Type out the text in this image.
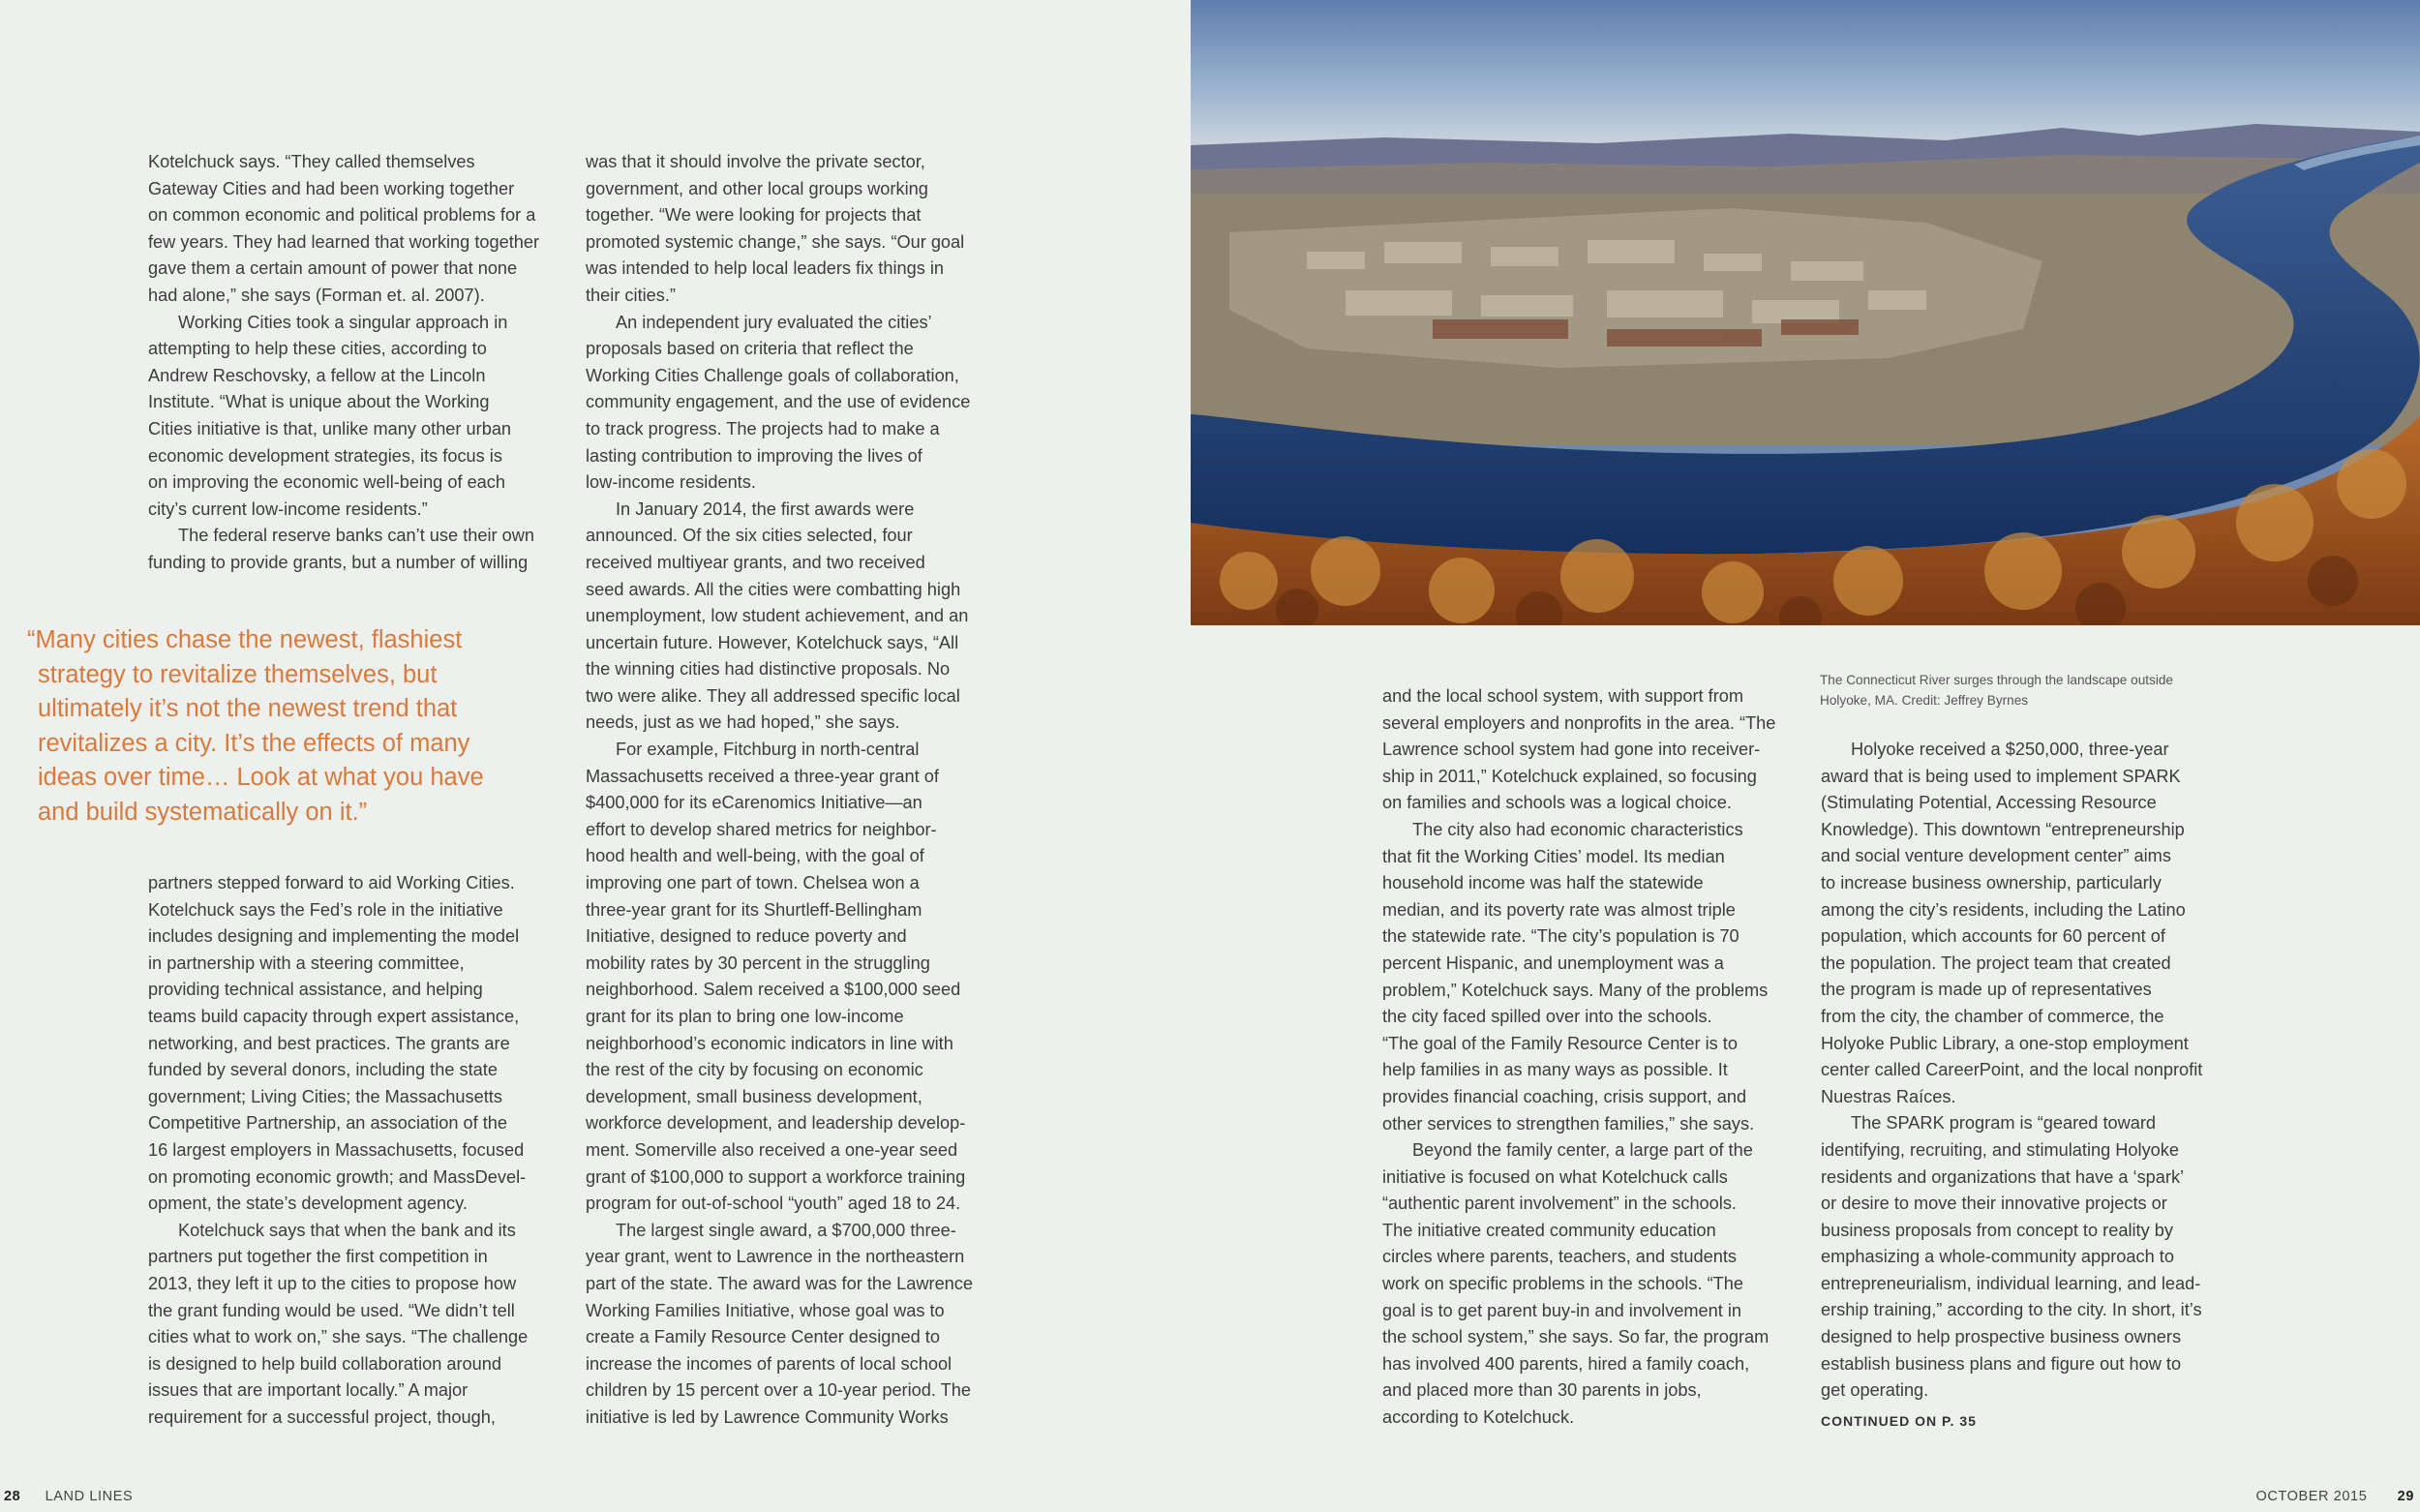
Kotelchuck says. “They called themselves
Gateway Cities and had been working together
on common economic and political problems for a
few years. They had learned that working together
gave them a certain amount of power that none
had alone,” she says (Forman et. al. 2007).

Working Cities took a singular approach in
attempting to help these cities, according to
Andrew Reschovsky, a fellow at the Lincoln
Institute. “What is unique about the Working
Cities initiative is that, unlike many other urban
economic development strategies, its focus is
on improving the economic well-being of each
city’s current low-income residents.”

The federal reserve banks can’t use their own
funding to provide grants, but a number of willing

“Many cities chase the newest, flashiest
strategy to revitalize themselves, but
ultimately it’s not the newest trend that
revitalizes a city. It’s the effects of many
ideas over time… Look at what you have
and build systematically on it.”

partners stepped forward to aid Working Cities.
Kotelchuck says the Fed’s role in the initiative
includes designing and implementing the model
in partnership with a steering committee,
providing technical assistance, and helping
teams build capacity through expert assistance,
networking, and best practices. The grants are
funded by several donors, including the state
government; Living Cities; the Massachusetts
Competitive Partnership, an association of the
16 largest employers in Massachusetts, focused
on promoting economic growth; and MassDevel-
opment, the state’s development agency.

Kotelchuck says that when the bank and its
partners put together the first competition in
2013, they left it up to the cities to propose how
the grant funding would be used. “We didn’t tell
cities what to work on,” she says. “The challenge
is designed to help build collaboration around
issues that are important locally.” A major
requirement for a successful project, though,

was that it should involve the private sector,
government, and other local groups working
together. “We were looking for projects that
promoted systemic change,” she says. “Our goal
was intended to help local leaders fix things in
their cities.”

An independent jury evaluated the cities’
proposals based on criteria that reflect the
Working Cities Challenge goals of collaboration,
community engagement, and the use of evidence
to track progress. The projects had to make a
lasting contribution to improving the lives of
low-income residents.

In January 2014, the first awards were
announced. Of the six cities selected, four
received multiyear grants, and two received
seed awards. All the cities were combatting high
unemployment, low student achievement, and an
uncertain future. However, Kotelchuck says, “All
the winning cities had distinctive proposals. No
two were alike. They all addressed specific local
needs, just as we had hoped,” she says.

For example, Fitchburg in north-central
Massachusetts received a three-year grant of
$400,000 for its eCarenomics Initiative—an
effort to develop shared metrics for neighbor-
hood health and well-being, with the goal of
improving one part of town. Chelsea won a
three-year grant for its Shurtleff-Bellingham
Initiative, designed to reduce poverty and
mobility rates by 30 percent in the struggling
neighborhood. Salem received a $100,000 seed
grant for its plan to bring one low-income
neighborhood’s economic indicators in line with
the rest of the city by focusing on economic
development, small business development,
workforce development, and leadership develop-
ment. Somerville also received a one-year seed
grant of $100,000 to support a workforce training
program for out-of-school “youth” aged 18 to 24.

The largest single award, a $700,000 three-
year grant, went to Lawrence in the northeastern
part of the state. The award was for the Lawrence
Working Families Initiative, whose goal was to
create a Family Resource Center designed to
increase the incomes of parents of local school
children by 15 percent over a 10-year period. The
initiative is led by Lawrence Community Works

The Connecticut River surges through the landscape outside
Holyoke, MA. Credit: Jeffrey Byrnes

and the local school system, with support from
several employers and nonprofits in the area. “The
Lawrence school system had gone into receiver-
ship in 2011,” Kotelchuck explained, so focusing
on families and schools was a logical choice.

The city also had economic characteristics
that fit the Working Cities’ model. Its median
household income was half the statewide
median, and its poverty rate was almost triple
the statewide rate. “The city’s population is 70
percent Hispanic, and unemployment was a
problem,” Kotelchuck says. Many of the problems
the city faced spilled over into the schools.
“The goal of the Family Resource Center is to
help families in as many ways as possible. It
provides financial coaching, crisis support, and
other services to strengthen families,” she says.

Beyond the family center, a large part of the
initiative is focused on what Kotelchuck calls
“authentic parent involvement” in the schools.
The initiative created community education
circles where parents, teachers, and students
work on specific problems in the schools. “The
goal is to get parent buy-in and involvement in
the school system,” she says. So far, the program
has involved 400 parents, hired a family coach,
and placed more than 30 parents in jobs,
according to Kotelchuck.

Holyoke received a $250,000, three-year
award that is being used to implement SPARK
(Stimulating Potential, Accessing Resource
Knowledge). This downtown “entrepreneurship
and social venture development center” aims
to increase business ownership, particularly
among the city’s residents, including the Latino
population, which accounts for 60 percent of
the population. The project team that created
the program is made up of representatives
from the city, the chamber of commerce, the
Holyoke Public Library, a one-stop employment
center called CareerPoint, and the local nonprofit
Nuestras Raíces.

The SPARK program is “geared toward
identifying, recruiting, and stimulating Holyoke
residents and organizations that have a ‘spark’
or desire to move their innovative projects or
business proposals from concept to reality by
emphasizing a whole-community approach to
entrepreneurialism, individual learning, and lead-
ership training,” according to the city. In short, it’s
designed to help prospective business owners
establish business plans and figure out how to
get operating.

CONTINUED ON P. 35
28 LAND LINES	OCTOBER 2015 29
